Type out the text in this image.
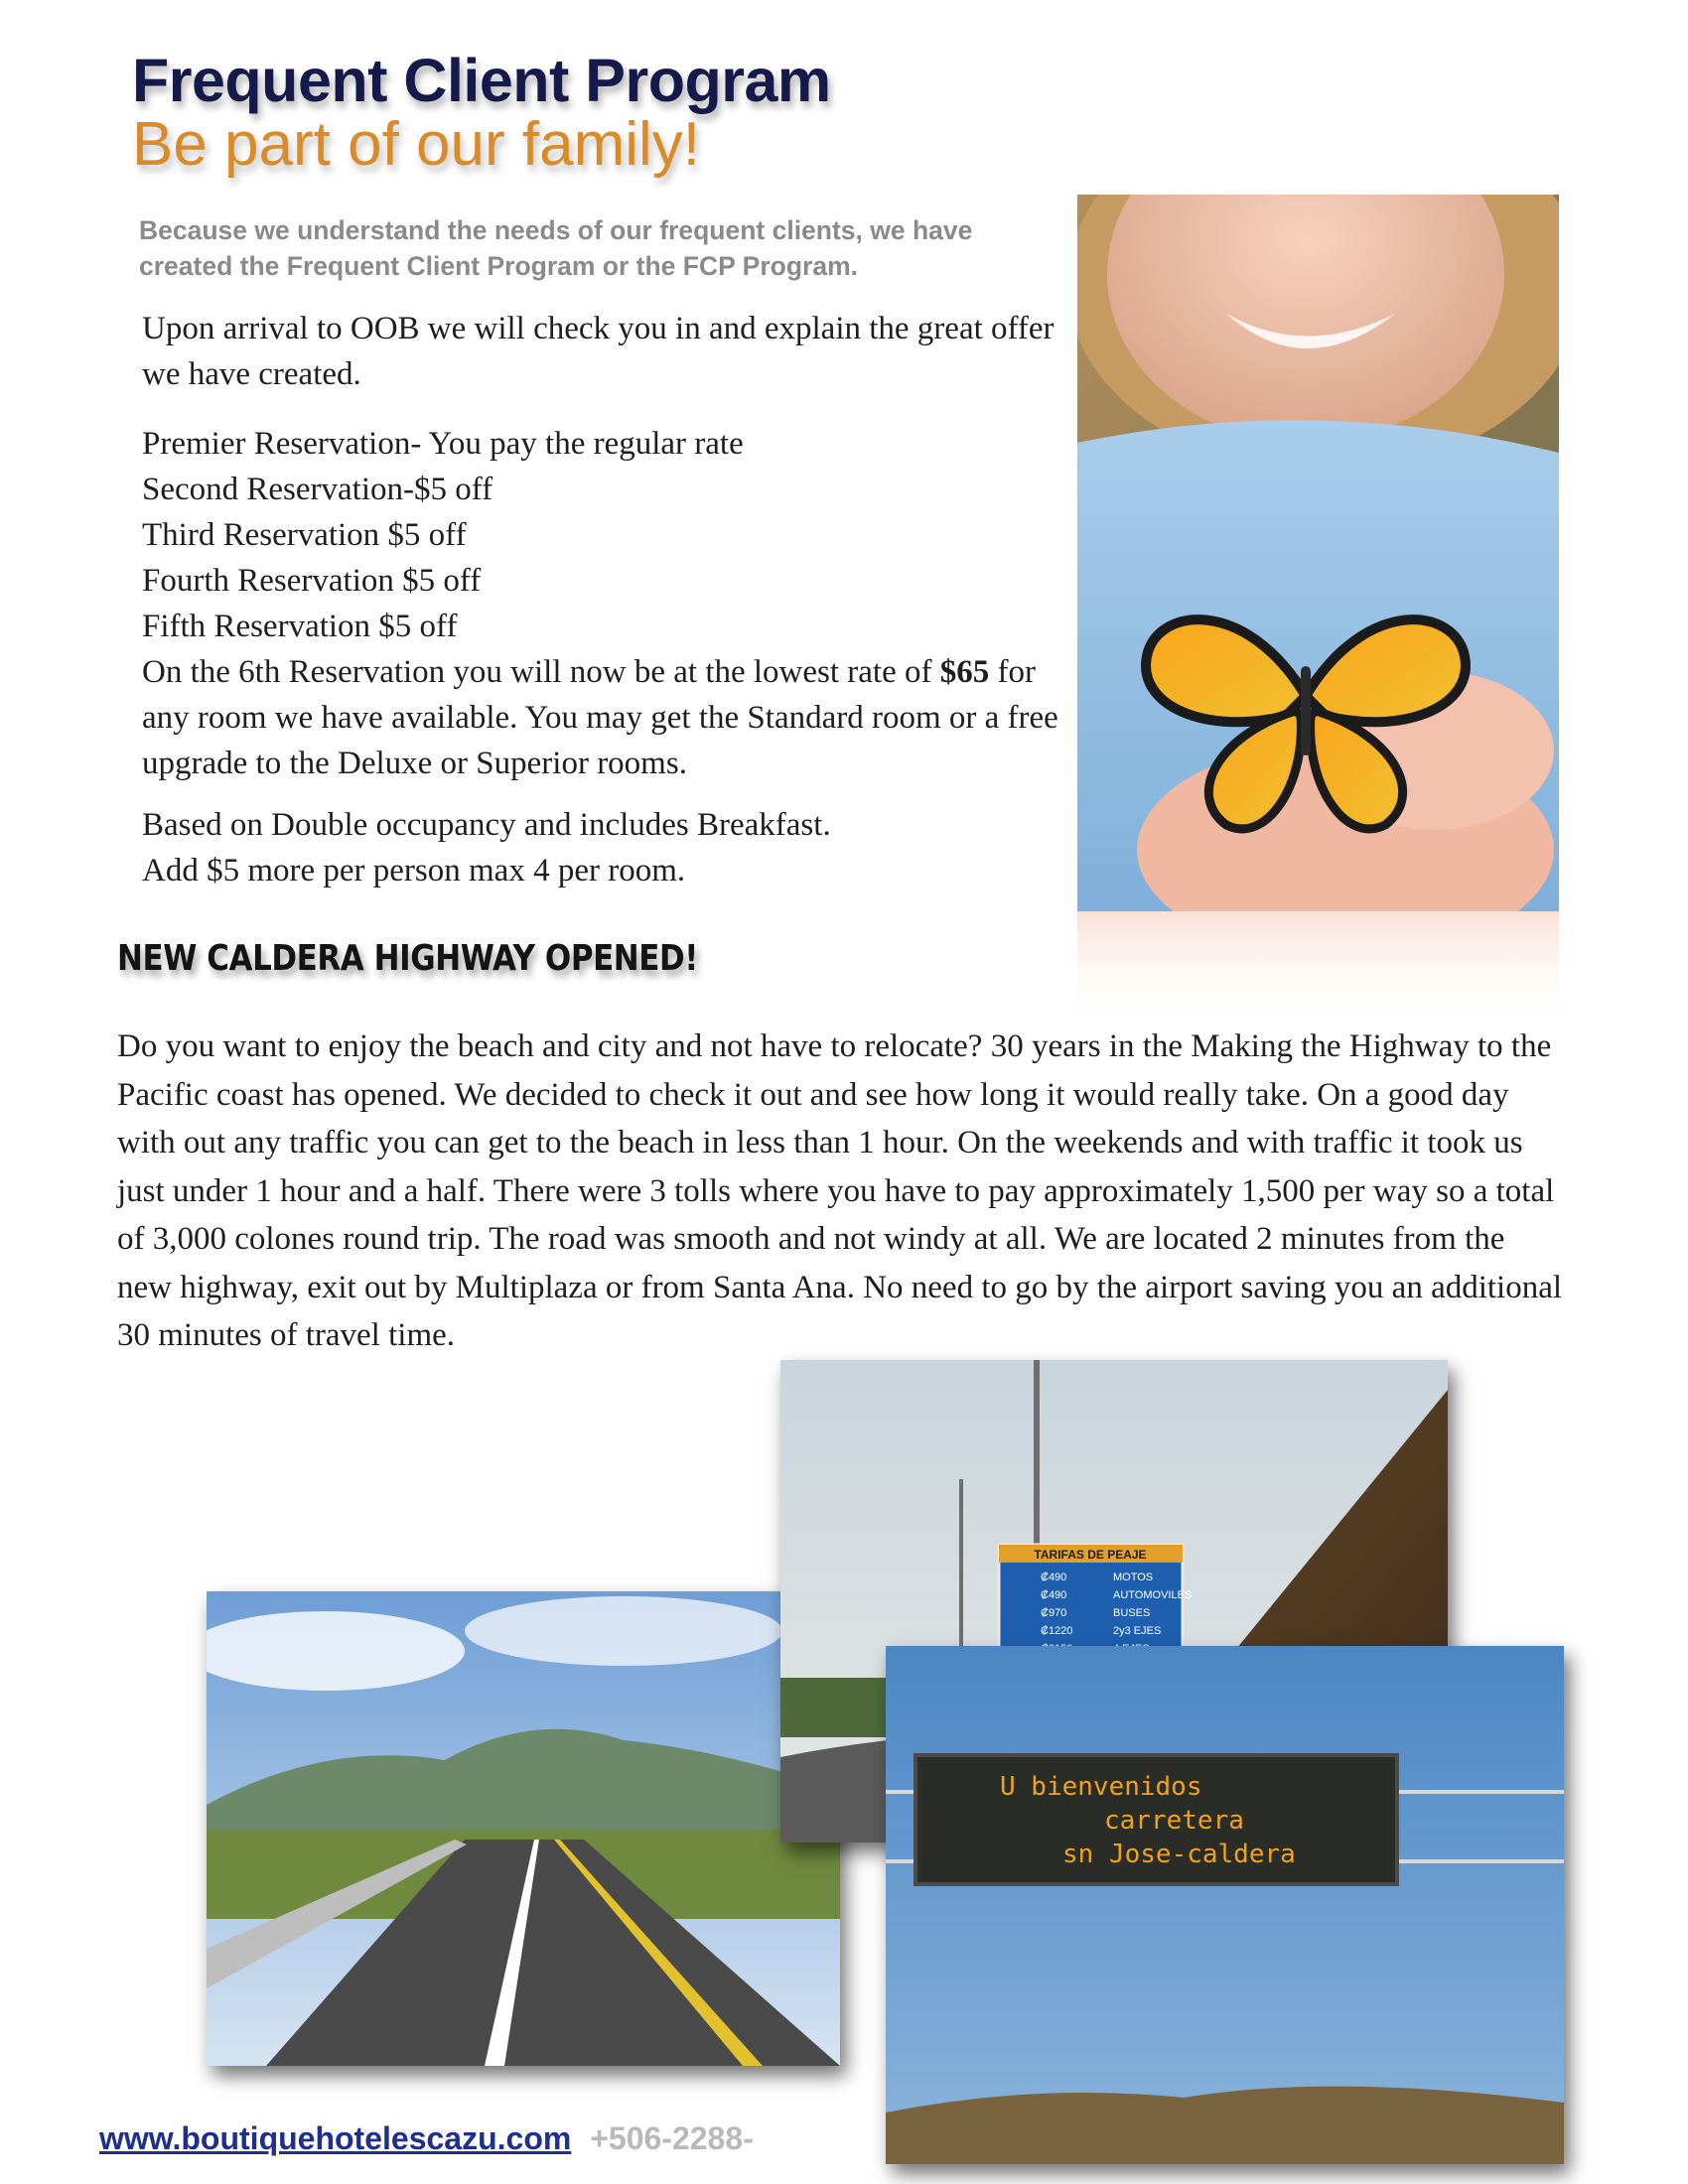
Frequent Client Program
Be part of our family!
Because we understand the needs of our frequent clients, we have created the Frequent Client Program or the FCP Program.
Upon arrival to OOB we will check you in and explain the great offer we have created.
Premier Reservation- You pay the regular rate
Second Reservation-$5 off
Third Reservation $5 off
Fourth Reservation $5 off
Fifth Reservation $5 off
On the 6th Reservation you will now be at the lowest rate of $65 for any room we have available. You may get the Standard room or a free upgrade to the Deluxe or Superior rooms.
Based on Double occupancy and includes Breakfast.
Add $5 more per person max 4 per room.
NEW CALDERA HIGHWAY OPENED!
Do you want to enjoy the beach and city and not have to relocate? 30 years in the Making the Highway to the Pacific coast has opened. We decided to check it out and see how long it would really take. On a good day with out any traffic you can get to the beach in less than 1 hour. On the weekends and with traffic it took us just under 1 hour and a half. There were 3 tolls where you have to pay approximately 1,500 per way so a total of 3,000 colones round trip. The road was smooth and not windy at all. We are located 2 minutes from the new highway, exit out by Multiplaza or from Santa Ana. No need to go by the airport saving you an additional 30 minutes of travel time.
TARIFAS DE PEAJE
₡490	MOTOS
₡490	AUTOMOVILES
₡970	BUSES
₡1220	2y3 EJES
U bienvenidos
carretera
sn Jose-caldera
www.boutiquehotelescazu.com +506-2288-
